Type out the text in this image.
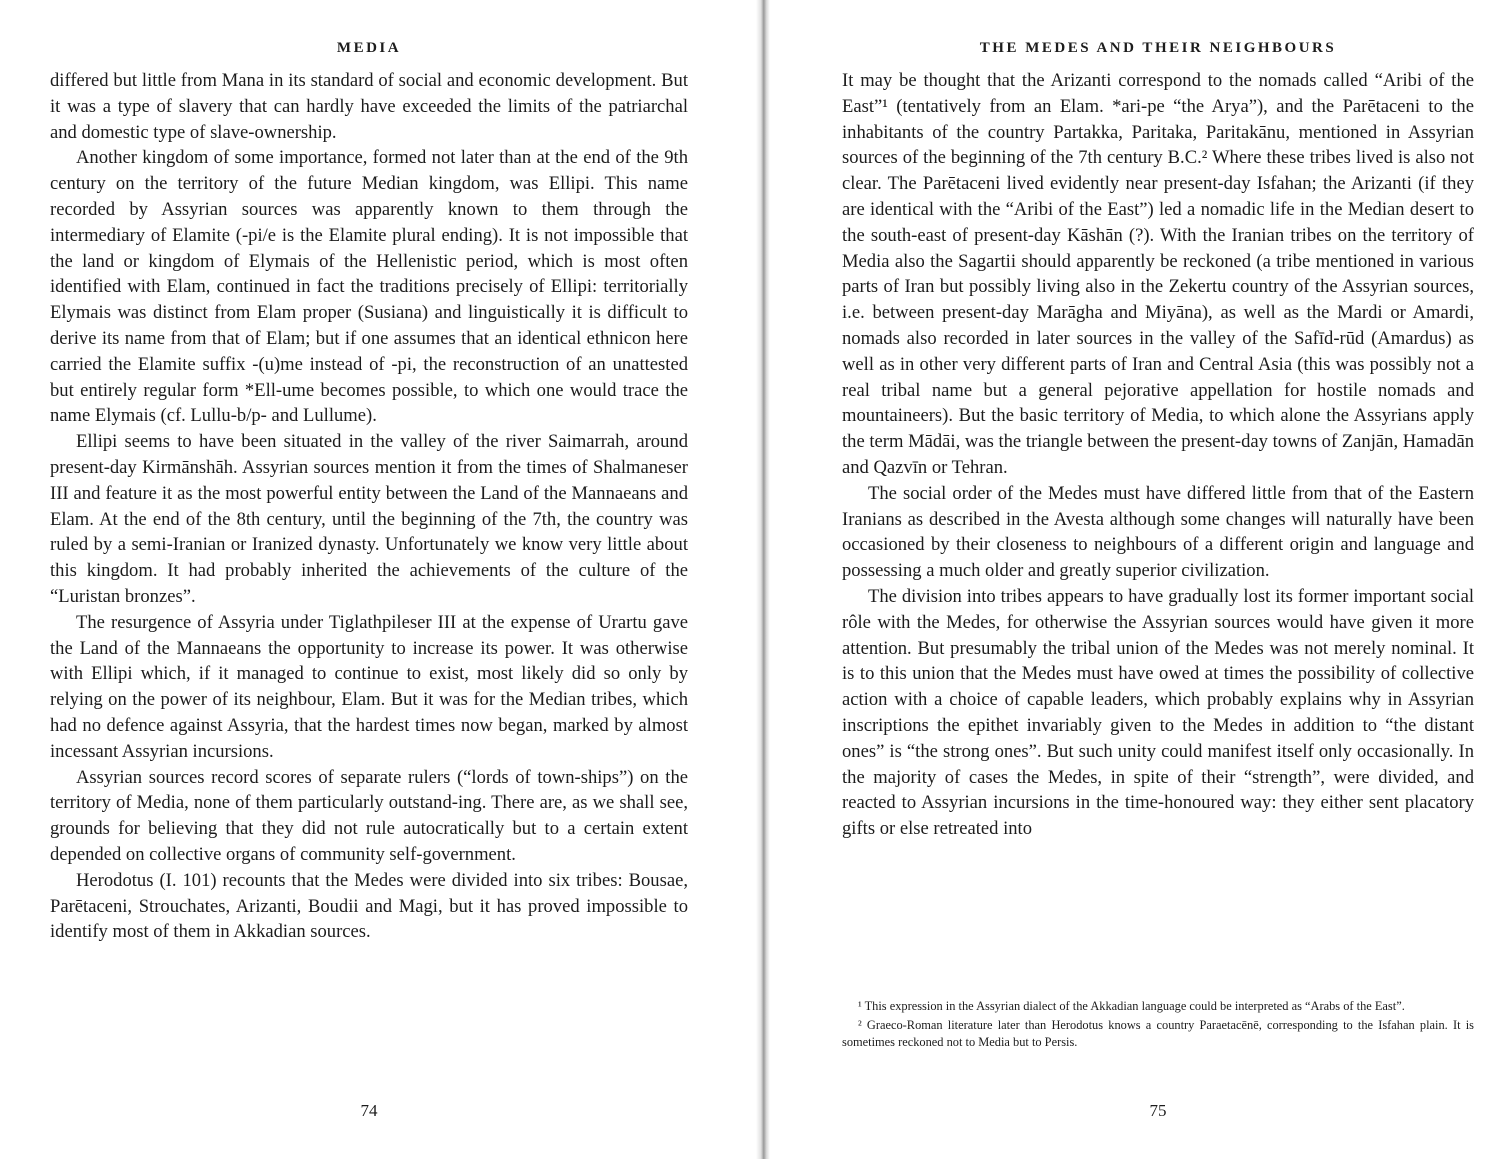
MEDIA

differed but little from Mana in its standard of social and economic development. But it was a type of slavery that can hardly have exceeded the limits of the patriarchal and domestic type of slave-ownership.

Another kingdom of some importance, formed not later than at the end of the 9th century on the territory of the future Median kingdom, was Ellipi. This name recorded by Assyrian sources was apparently known to them through the intermediary of Elamite (-pi/e is the Elamite plural ending). It is not impossible that the land or kingdom of Elymais of the Hellenistic period, which is most often identified with Elam, continued in fact the traditions precisely of Ellipi: territorially Elymais was distinct from Elam proper (Susiana) and linguistically it is difficult to derive its name from that of Elam; but if one assumes that an identical ethnicon here carried the Elamite suffix -(u)me instead of -pi, the reconstruction of an unattested but entirely regular form *Ell-ume becomes possible, to which one would trace the name Elymais (cf. Lullu-b/p- and Lullume).

Ellipi seems to have been situated in the valley of the river Saimarrah, around present-day Kirmānshāh. Assyrian sources mention it from the times of Shalmaneser III and feature it as the most powerful entity between the Land of the Mannaeans and Elam. At the end of the 8th century, until the beginning of the 7th, the country was ruled by a semi-Iranian or Iranized dynasty. Unfortunately we know very little about this kingdom. It had probably inherited the achievements of the culture of the “Luristan bronzes”.

The resurgence of Assyria under Tiglathpileser III at the expense of Urartu gave the Land of the Mannaeans the opportunity to increase its power. It was otherwise with Ellipi which, if it managed to continue to exist, most likely did so only by relying on the power of its neighbour, Elam. But it was for the Median tribes, which had no defence against Assyria, that the hardest times now began, marked by almost incessant Assyrian incursions.

Assyrian sources record scores of separate rulers (“lords of town-ships”) on the territory of Media, none of them particularly outstand-ing. There are, as we shall see, grounds for believing that they did not rule autocratically but to a certain extent depended on collective organs of community self-government.

Herodotus (I. 101) recounts that the Medes were divided into six tribes: Bousae, Parētaceni, Strouchates, Arizanti, Boudii and Magi, but it has proved impossible to identify most of them in Akkadian sources.

74
THE MEDES AND THEIR NEIGHBOURS

It may be thought that the Arizanti correspond to the nomads called “Aribi of the East”¹ (tentatively from an Elam. *ari-pe “the Arya”), and the Parētaceni to the inhabitants of the country Partakka, Paritaka, Paritakānu, mentioned in Assyrian sources of the beginning of the 7th century B.C.² Where these tribes lived is also not clear. The Parētaceni lived evidently near present-day Isfahan; the Arizanti (if they are identical with the “Aribi of the East”) led a nomadic life in the Median desert to the south-east of present-day Kāshān (?). With the Iranian tribes on the territory of Media also the Sagartii should apparently be reckoned (a tribe mentioned in various parts of Iran but possibly living also in the Zekertu country of the Assyrian sources, i.e. between present-day Marāgha and Miyāna), as well as the Mardi or Amardi, nomads also recorded in later sources in the valley of the Safīd-rūd (Amardus) as well as in other very different parts of Iran and Central Asia (this was possibly not a real tribal name but a general pejorative appellation for hostile nomads and mountaineers). But the basic territory of Media, to which alone the Assyrians apply the term Mādāi, was the triangle between the present-day towns of Zanjān, Hamadān and Qazvīn or Tehran.

The social order of the Medes must have differed little from that of the Eastern Iranians as described in the Avesta although some changes will naturally have been occasioned by their closeness to neighbours of a different origin and language and possessing a much older and greatly superior civilization.

The division into tribes appears to have gradually lost its former important social rôle with the Medes, for otherwise the Assyrian sources would have given it more attention. But presumably the tribal union of the Medes was not merely nominal. It is to this union that the Medes must have owed at times the possibility of collective action with a choice of capable leaders, which probably explains why in Assyrian inscriptions the epithet invariably given to the Medes in addition to “the distant ones” is “the strong ones”. But such unity could manifest itself only occasionally. In the majority of cases the Medes, in spite of their “strength”, were divided, and reacted to Assyrian incursions in the time-honoured way: they either sent placatory gifts or else retreated into

¹ This expression in the Assyrian dialect of the Akkadian language could be interpreted as “Arabs of the East”.

² Graeco-Roman literature later than Herodotus knows a country Paraetacēnē, corresponding to the Isfahan plain. It is sometimes reckoned not to Media but to Persis.

75
